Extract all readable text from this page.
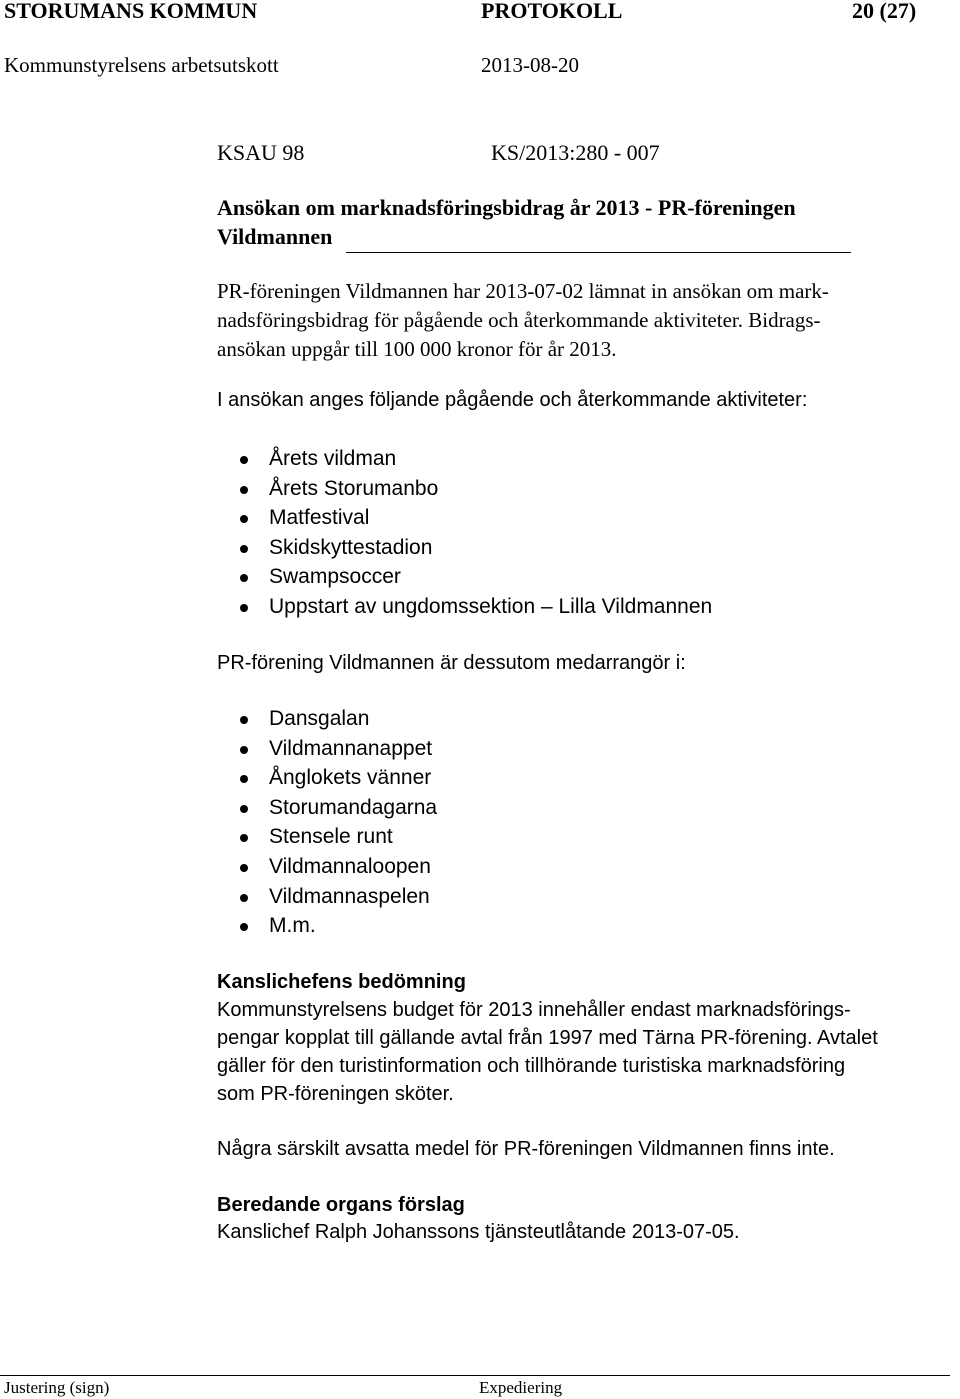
STORUMANS KOMMUN	PROTOKOLL	20 (27)
Kommunstyrelsens arbetsutskott	2013-08-20
KSAU 98	KS/2013:280 - 007
Ansökan om marknadsföringsbidrag år 2013 - PR-föreningen
Vildmannen
PR-föreningen Vildmannen har 2013-07-02 lämnat in ansökan om mark-
nadsföringsbidrag för pågående och återkommande aktiviteter. Bidrags-
ansökan uppgår till 100 000 kronor för år 2013.
I ansökan anges följande pågående och återkommande aktiviteter:
Årets vildman
Årets Storumanbo
Matfestival
Skidskyttestadion
Swampsoccer
Uppstart av ungdomssektion – Lilla Vildmannen
PR-förening Vildmannen är dessutom medarrangör i:
Dansgalan
Vildmannanappet
Ånglokets vänner
Storumandagarna
Stensele runt
Vildmannaloopen
Vildmannaspelen
M.m.
Kanslichefens bedömning
Kommunstyrelsens budget för 2013 innehåller endast marknadsförings-
pengar kopplat till gällande avtal från 1997 med Tärna PR-förening. Avtalet
gäller för den turistinformation och tillhörande turistiska marknadsföring
som PR-föreningen sköter.
Några särskilt avsatta medel för PR-föreningen Vildmannen finns inte.
Beredande organs förslag
Kanslichef Ralph Johanssons tjänsteutlåtande 2013-07-05.
Justering (sign)	Expediering
